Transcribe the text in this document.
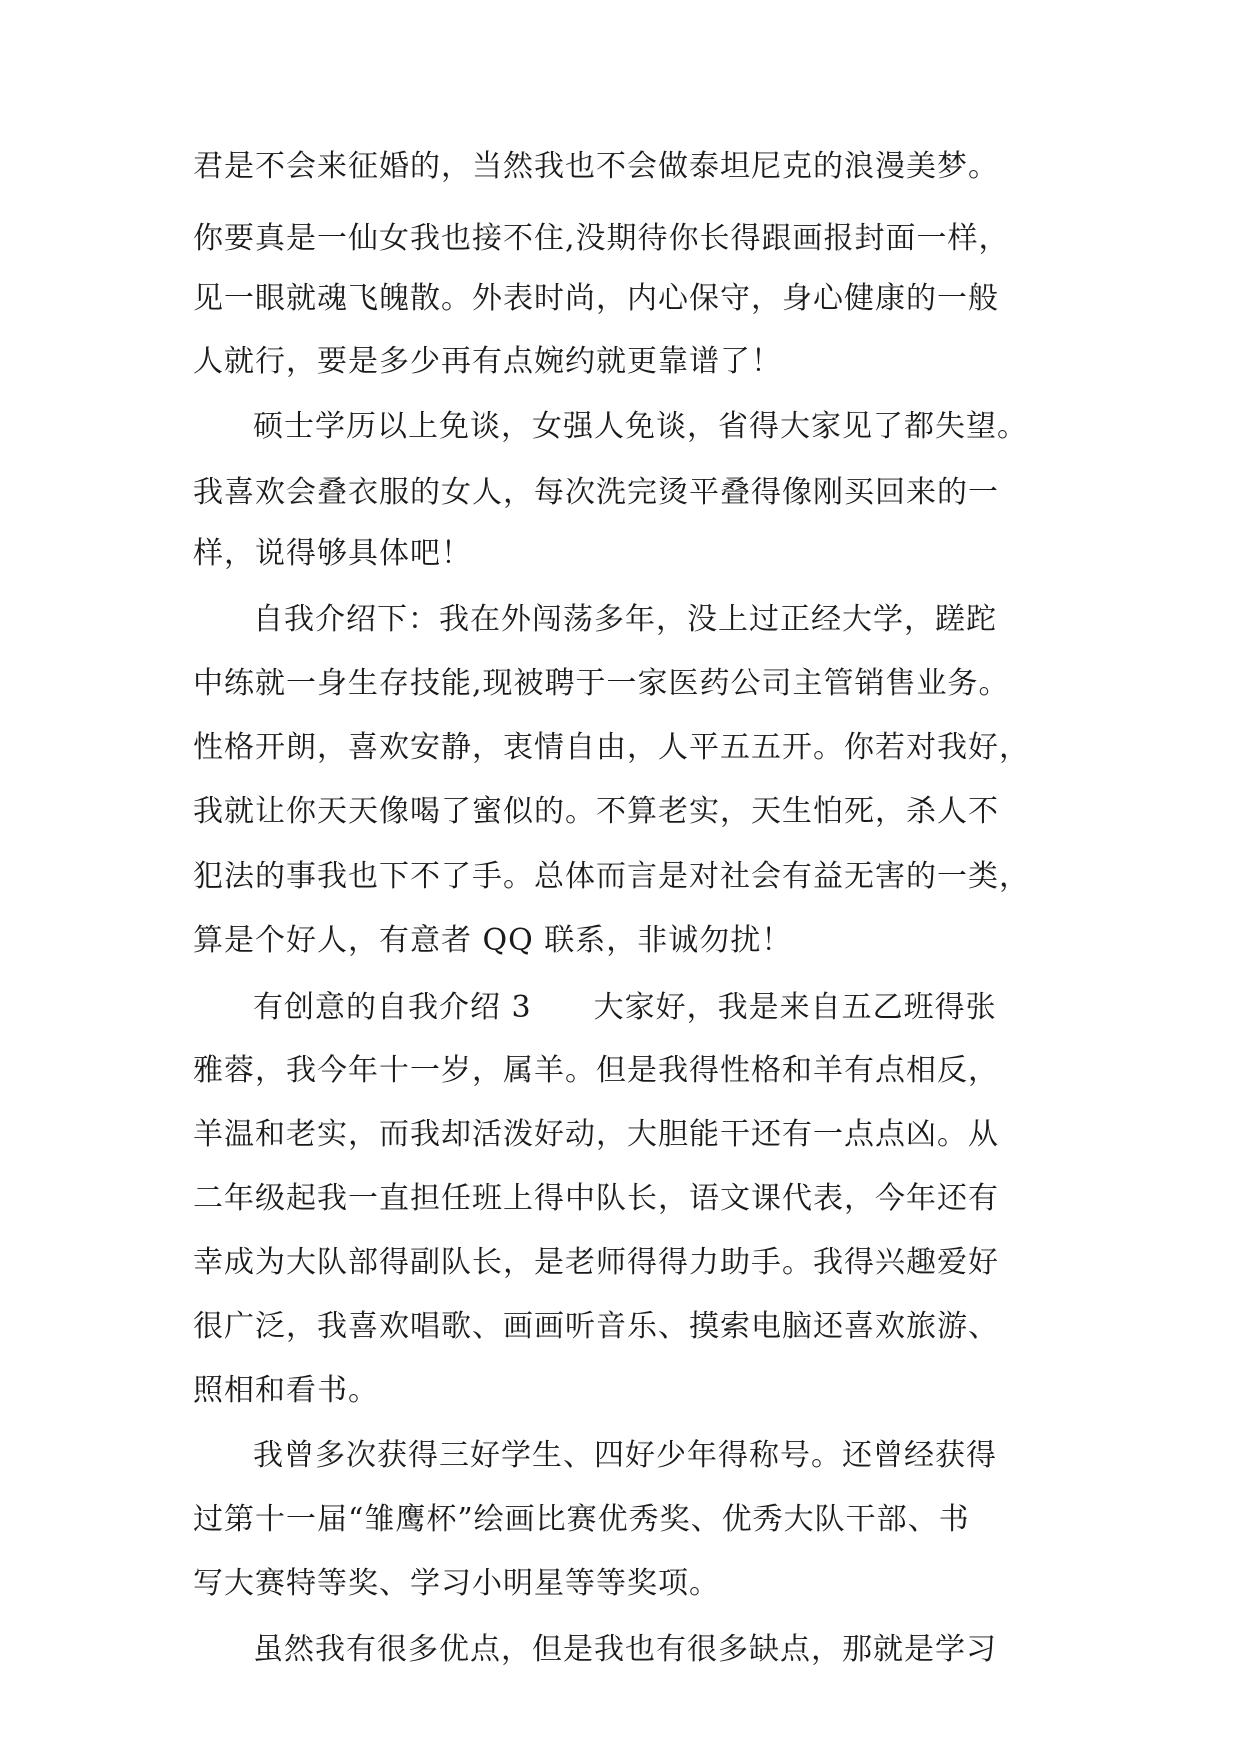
君是不会来征婚的，当然我也不会做泰坦尼克的浪漫美梦。
你要真是一仙女我也接不住,没期待你长得跟画报封面一样，
见一眼就魂飞魄散。外表时尚，内心保守，身心健康的一般
人就行，要是多少再有点婉约就更靠谱了！
硕士学历以上免谈，女强人免谈，省得大家见了都失望。
我喜欢会叠衣服的女人，每次洗完烫平叠得像刚买回来的一
样，说得够具体吧！
自我介绍下：我在外闯荡多年，没上过正经大学，蹉跎
中练就一身生存技能,现被聘于一家医药公司主管销售业务。
性格开朗，喜欢安静，衷情自由，人平五五开。你若对我好，
我就让你天天像喝了蜜似的。不算老实，天生怕死，杀人不
犯法的事我也下不了手。总体而言是对社会有益无害的一类，
算是个好人，有意者 QQ 联系，非诚勿扰！
有创意的自我介绍 3　　大家好，我是来自五乙班得张
雅蓉，我今年十一岁，属羊。但是我得性格和羊有点相反，
羊温和老实，而我却活泼好动，大胆能干还有一点点凶。从
二年级起我一直担任班上得中队长，语文课代表，今年还有
幸成为大队部得副队长，是老师得得力助手。我得兴趣爱好
很广泛，我喜欢唱歌、画画听音乐、摸索电脑还喜欢旅游、
照相和看书。
我曾多次获得三好学生、四好少年得称号。还曾经获得
过第十一届“雏鹰杯”绘画比赛优秀奖、优秀大队干部、书
写大赛特等奖、学习小明星等等奖项。
虽然我有很多优点，但是我也有很多缺点，那就是学习
